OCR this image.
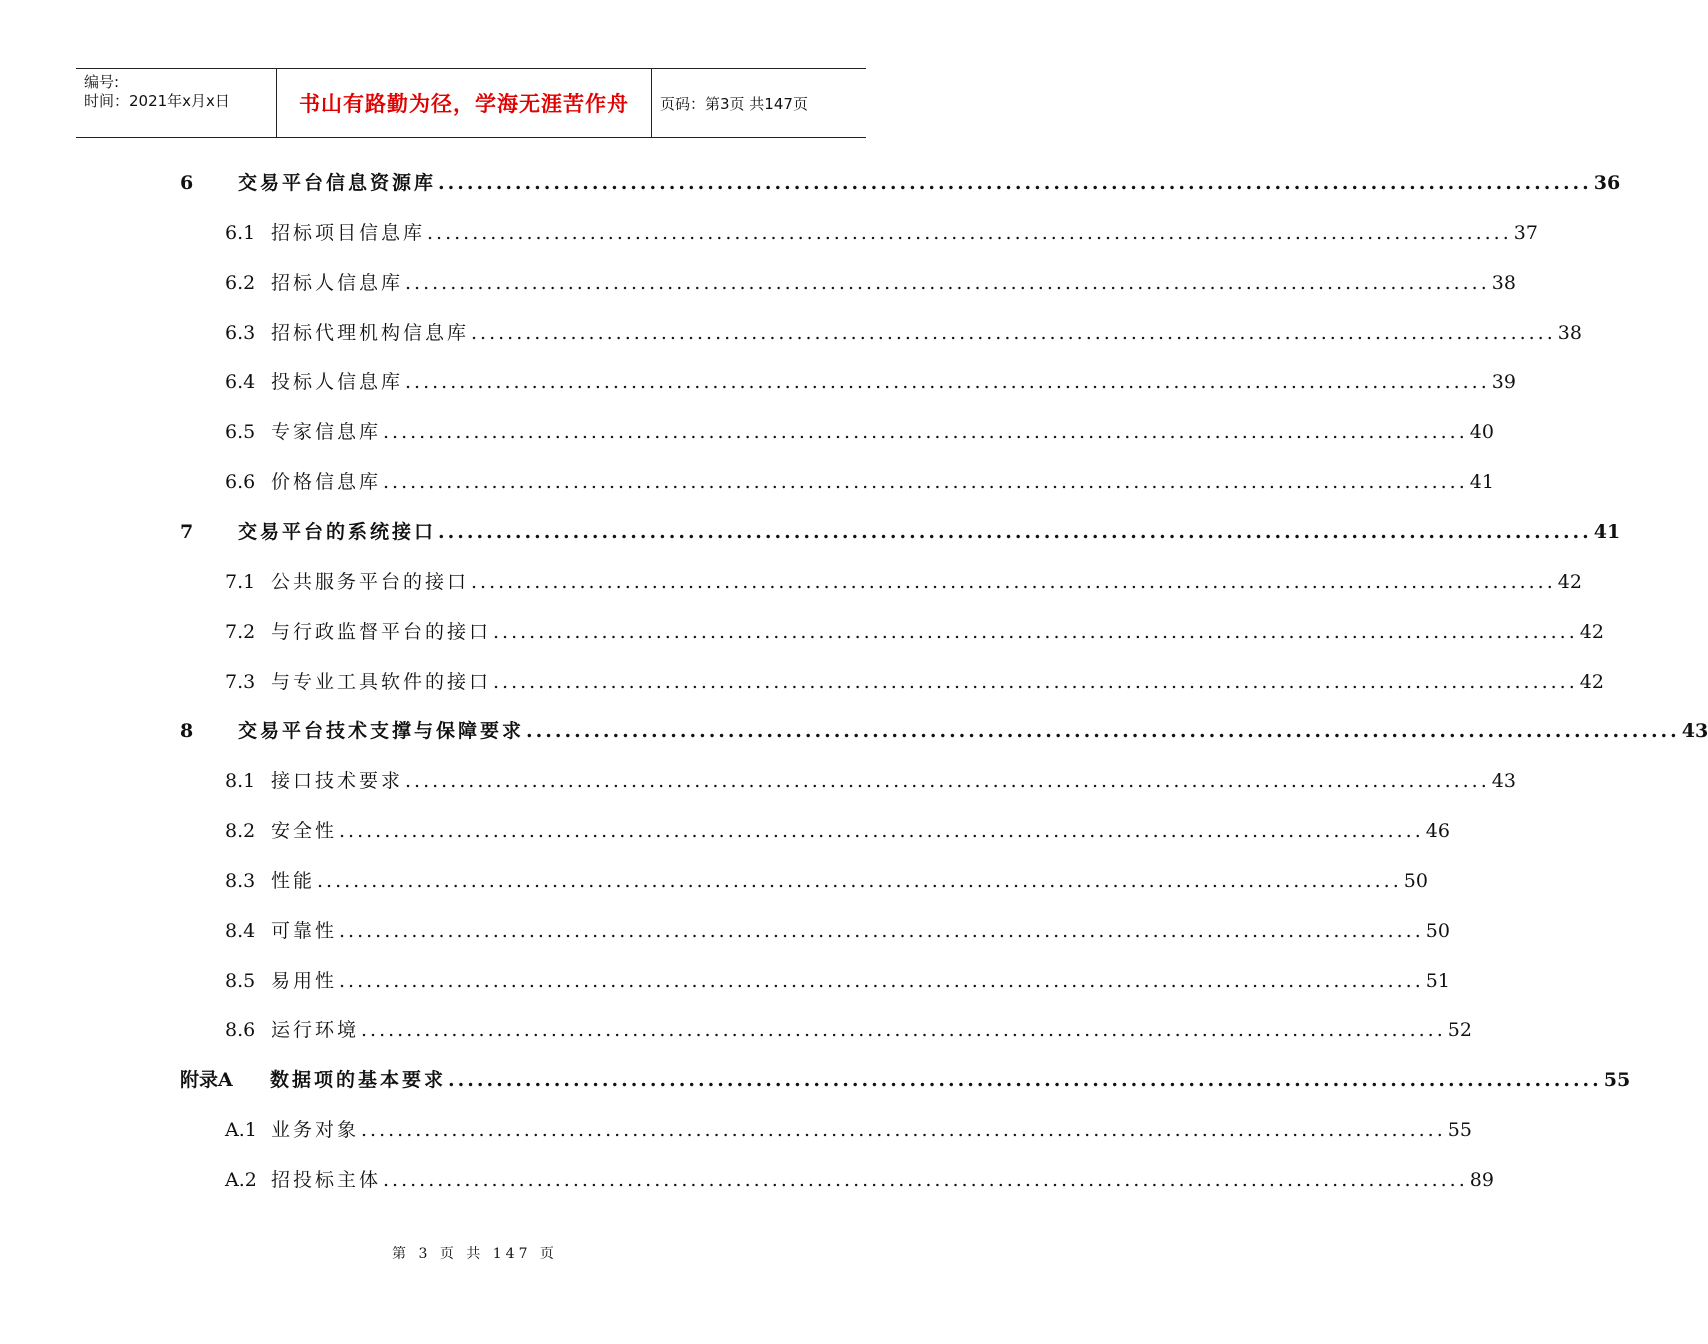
编号:
时间：2021年x月x日	书山有路勤为径，学海无涯苦作舟 页码：第3页 共147页
6	交易平台信息资源库 ........................................................................................................................ 36
6.1 招标项目信息库 ........................................................................................................................ 37
6.2 招标人信息库 ........................................................................................................................ 38
6.3 招标代理机构信息库 ........................................................................................................................ 38
6.4 投标人信息库 ........................................................................................................................ 39
6.5 专家信息库 ........................................................................................................................ 40
6.6 价格信息库 ........................................................................................................................ 41
7	交易平台的系统接口 ........................................................................................................................ 41
7.1 公共服务平台的接口 ........................................................................................................................ 42
7.2 与行政监督平台的接口 ........................................................................................................................ 42
7.3 与专业工具软件的接口 ........................................................................................................................ 42
8	交易平台技术支撑与保障要求 ........................................................................................................................ 43
8.1 接口技术要求 ........................................................................................................................ 43
8.2 安全性 ........................................................................................................................ 46
8.3 性能 ........................................................................................................................ 50
8.4 可靠性 ........................................................................................................................ 50
8.5 易用性 ........................................................................................................................ 51
8.6 运行环境 ........................................................................................................................ 52
附录A	数据项的基本要求 ........................................................................................................................ 55
A.1 业务对象 ........................................................................................................................ 55
A.2 招投标主体 ........................................................................................................................ 89
第 3 页 共 147 页
